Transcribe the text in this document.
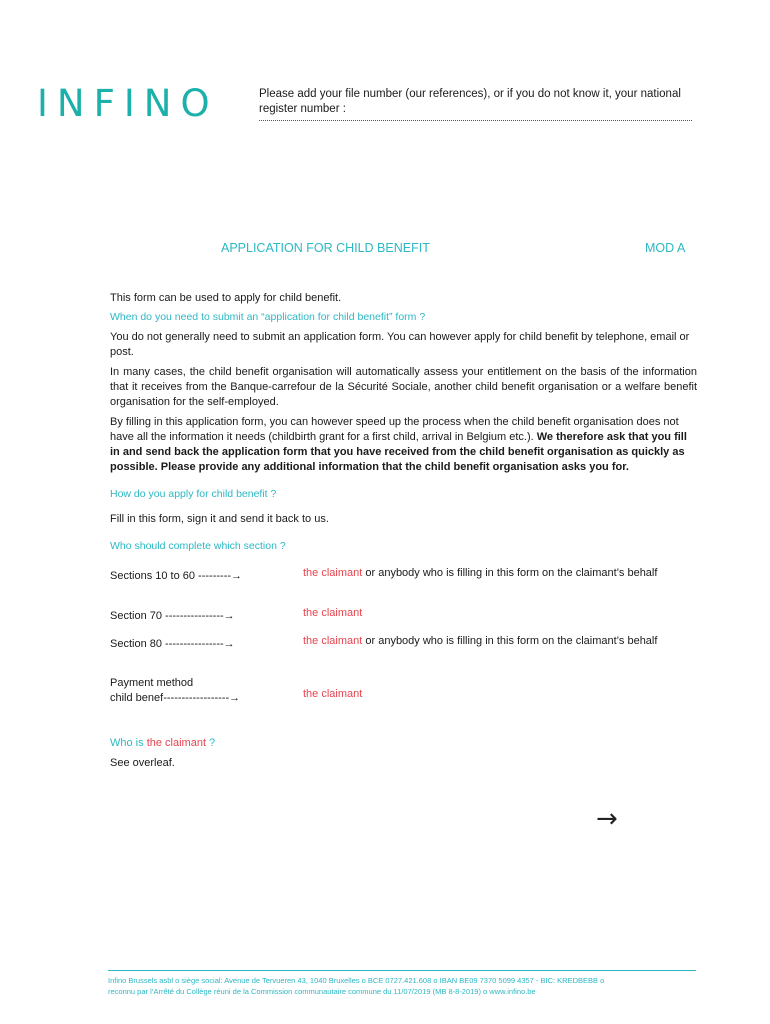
INFINO	Please add your file number (our references), or if you do not know it, your national register number :
APPLICATION FOR CHILD BENEFIT	MOD A

This form can be used to apply for child benefit.

When do you need to submit an “application for child benefit” form ?

You do not generally need to submit an application form. You can however apply for child benefit by telephone, email or post.

In many cases, the child benefit organisation will automatically assess your entitlement on the basis of the information that it receives from the Banque-carrefour de la Sécurité Sociale, another child benefit organisation or a welfare benefit organisation for the self-employed.

By filling in this application form, you can however speed up the process when the child benefit organisation does not have all the information it needs (childbirth grant for a first child, arrival in Belgium etc.). We therefore ask that you fill in and send back the application form that you have received from the child benefit organisation as quickly as possible. Please provide any additional information that the child benefit organisation asks you for.

How do you apply for child benefit ?

Fill in this form, sign it and send it back to us.

Who should complete which section ?

Sections 10 to 60 ---------→	the claimant or anybody who is filling in this form on the claimant’s behalf
Section 70 ----------------→	the claimant
Section 80 ----------------→	the claimant or anybody who is filling in this form on the claimant’s behalf
Payment method
child benef------------------→	the claimant

Who is the claimant ?

See overleaf.

→
Infino Brussels asbl o siège social: Avenue de Tervueren 43, 1040 Bruxelles o BCE 0727.421.608 o IBAN BE09 7370 5099 4357 - BIC: KREDBEBB o
reconnu par l’Arrêté du Collège réuni de la Commission communautaire commune du 11/07/2019 (MB 8-8-2019) o www.infino.be
